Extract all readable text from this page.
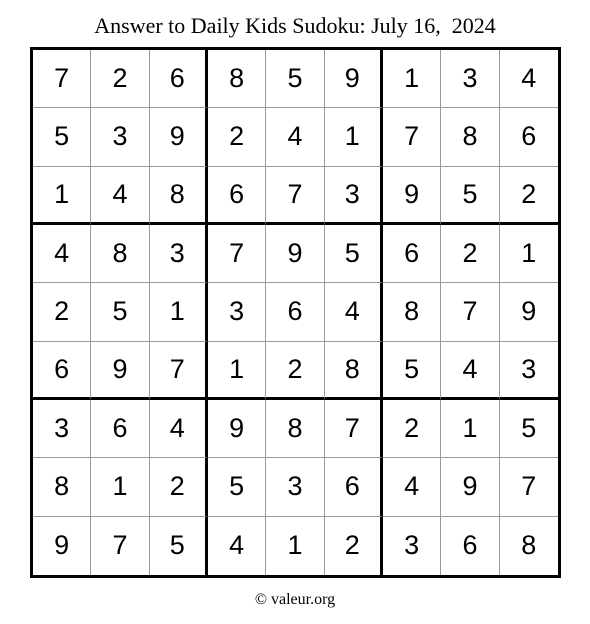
Answer to Daily Kids Sudoku: July 16,  2024
7	2	6	8	5	9	1	3	4
5	3	9	2	4	1	7	8	6
1	4	8	6	7	3	9	5	2
4	8	3	7	9	5	6	2	1
2	5	1	3	6	4	8	7	9
6	9	7	1	2	8	5	4	3
3	6	4	9	8	7	2	1	5
8	1	2	5	3	6	4	9	7
9	7	5	4	1	2	3	6	8
© valeur.org
